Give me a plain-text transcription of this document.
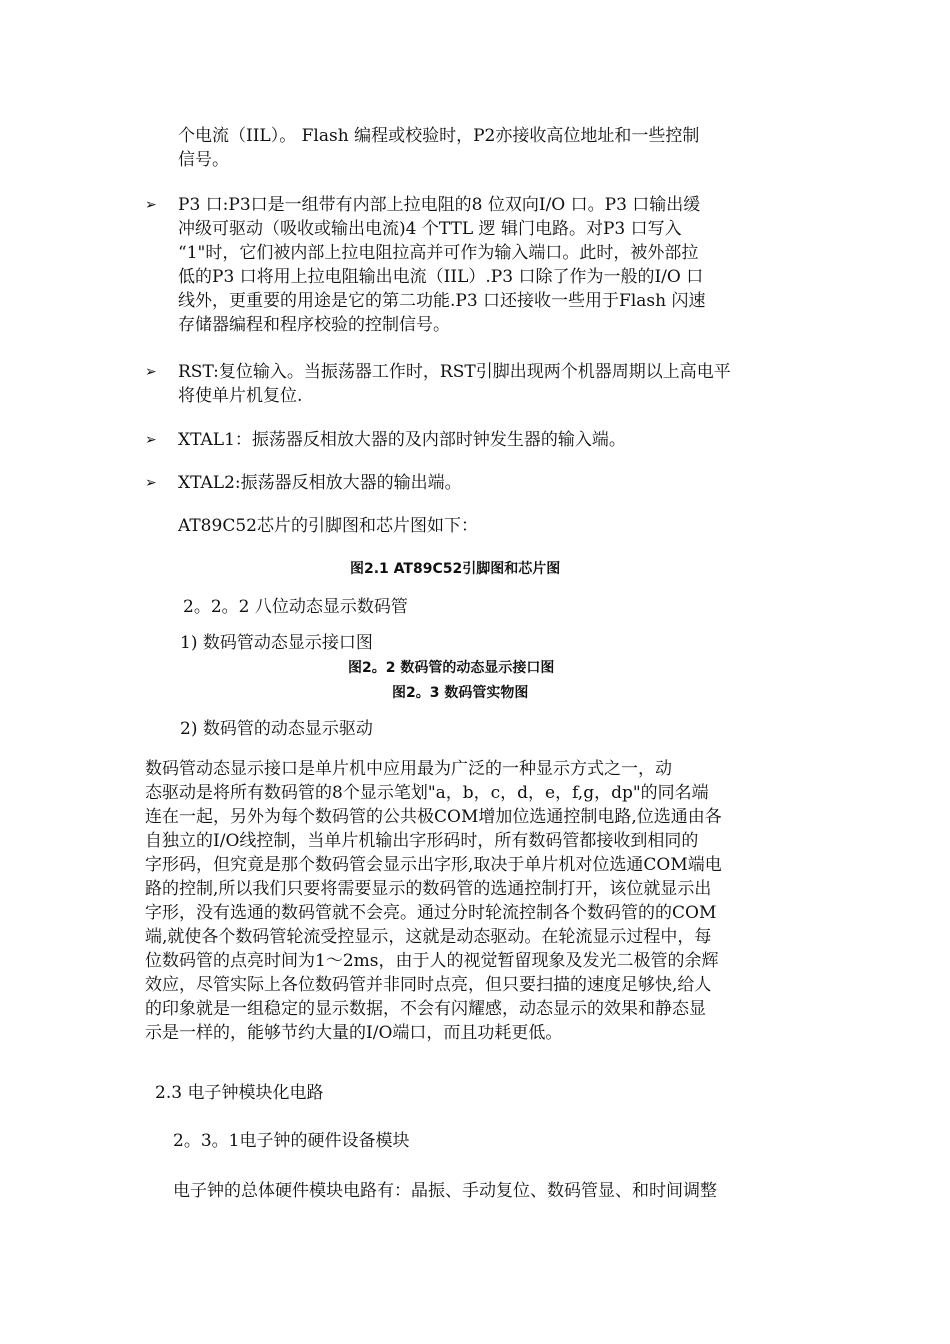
个电流（IIL）。 Flash 编程或校验时，P2亦接收高位地址和一些控制

信号。

➢ P3 口:P3口是一组带有内部上拉电阻的8 位双向I/O 口。P3 口输出缓

冲级可驱动（吸收或输出电流)4 个TTL 逻 辑门电路。对P3 口写入

“1"时，它们被内部上拉电阻拉高并可作为输入端口。此时，被外部拉

低的P3 口将用上拉电阻输出电流（IIL）.P3 口除了作为一般的I/O 口

线外，更重要的用途是它的第二功能.P3 口还接收一些用于Flash 闪速

存储器编程和程序校验的控制信号。

➢ RST:复位输入。当振荡器工作时，RST引脚出现两个机器周期以上高电平

将使单片机复位.

➢ XTAL1：振荡器反相放大器的及内部时钟发生器的输入端。

➢ XTAL2:振荡器反相放大器的输出端。

AT89C52芯片的引脚图和芯片图如下：
图2.1 AT89C52引脚图和芯片图
2。2。2 八位动态显示数码管
1) 数码管动态显示接口图
图2。2 数码管的动态显示接口图
图2。3 数码管实物图
2) 数码管的动态显示驱动

数码管动态显示接口是单片机中应用最为广泛的一种显示方式之一，动

态驱动是将所有数码管的8个显示笔划"a，b，c，d，e，f,g，dp"的同名端

连在一起，另外为每个数码管的公共极COM增加位选通控制电路,位选通由各

自独立的I/O线控制，当单片机输出字形码时，所有数码管都接收到相同的

字形码，但究竟是那个数码管会显示出字形,取决于单片机对位选通COM端电

路的控制,所以我们只要将需要显示的数码管的选通控制打开，该位就显示出

字形，没有选通的数码管就不会亮。通过分时轮流控制各个数码管的的COM

端,就使各个数码管轮流受控显示，这就是动态驱动。在轮流显示过程中，每

位数码管的点亮时间为1～2ms，由于人的视觉暂留现象及发光二极管的余辉

效应，尽管实际上各位数码管并非同时点亮，但只要扫描的速度足够快,给人

的印象就是一组稳定的显示数据，不会有闪耀感，动态显示的效果和静态显

示是一样的，能够节约大量的I/O端口，而且功耗更低。

2.3 电子钟模块化电路
2。3。1电子钟的硬件设备模块
电子钟的总体硬件模块电路有：晶振、手动复位、数码管显、和时间调整
